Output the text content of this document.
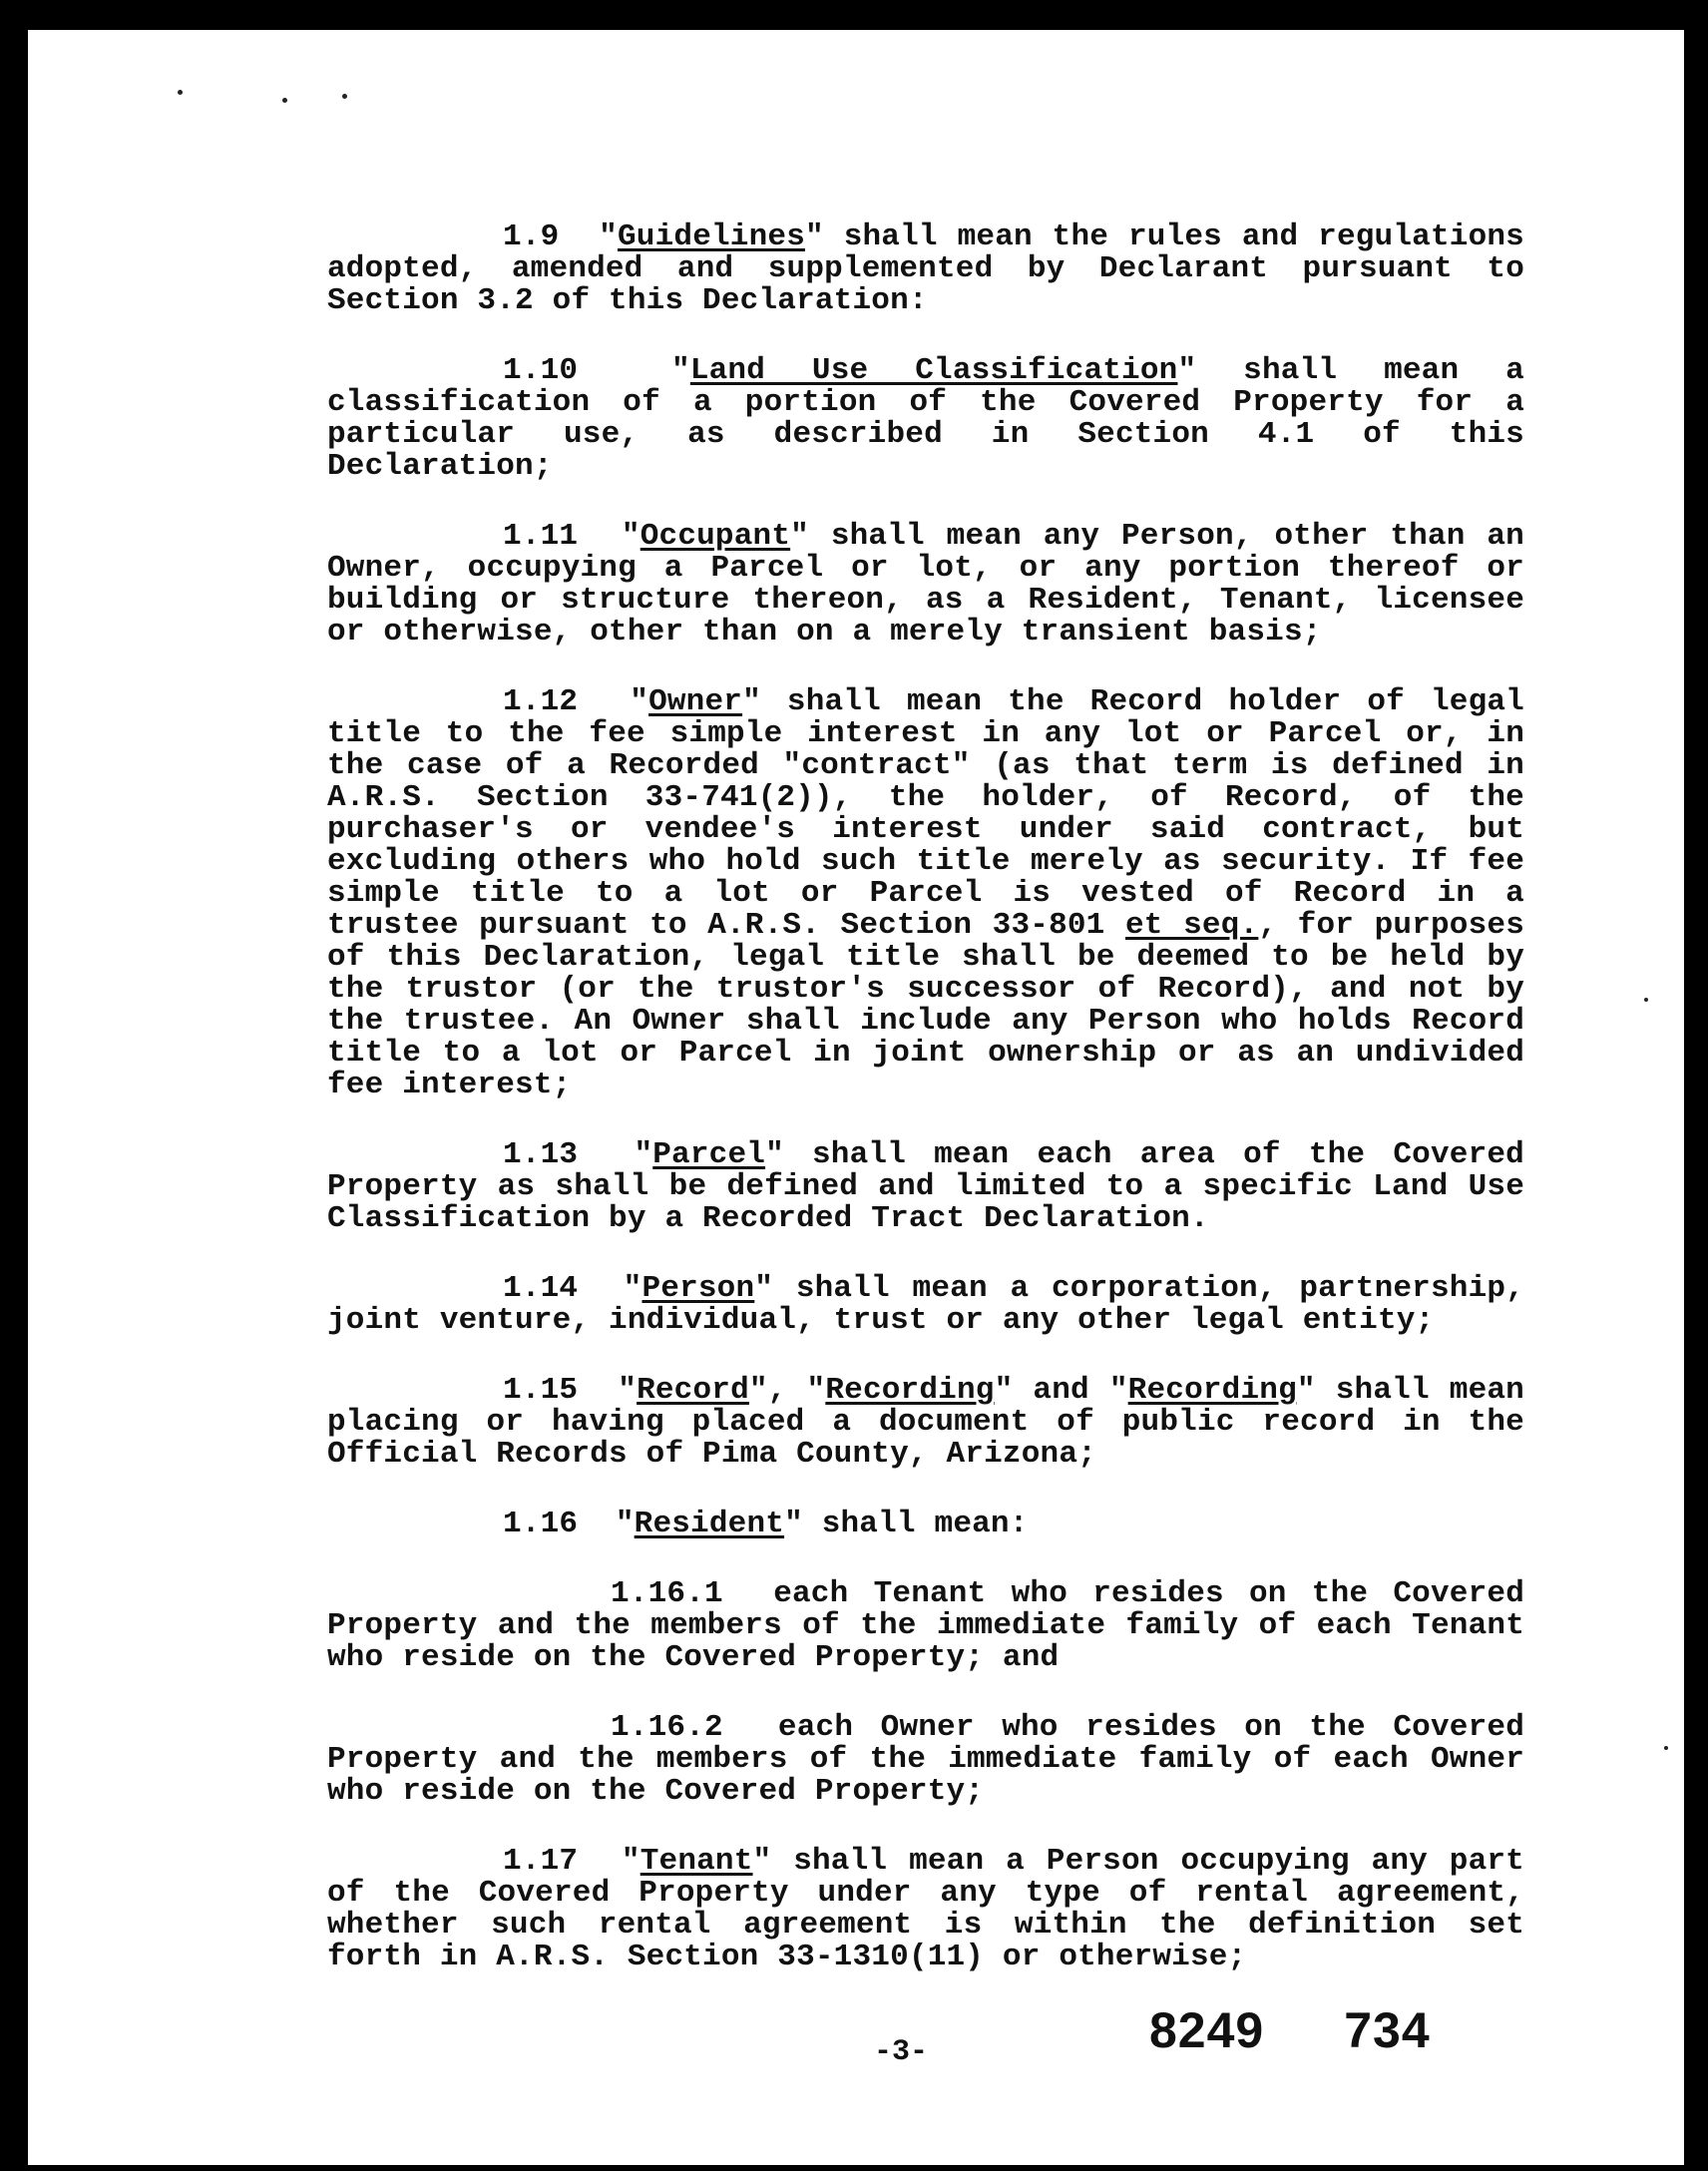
1.9  "Guidelines" shall mean the rules and regulations adopted, amended and supplemented by Declarant pursuant to Section 3.2 of this Declaration:

1.10  "Land Use Classification" shall mean a classification of a portion of the Covered Property for a particular use, as described in Section 4.1 of this Declaration;

1.11  "Occupant" shall mean any Person, other than an Owner, occupying a Parcel or lot, or any portion thereof or building or structure thereon, as a Resident, Tenant, licensee or otherwise, other than on a merely transient basis;

1.12  "Owner" shall mean the Record holder of legal title to the fee simple interest in any lot or Parcel or, in the case of a Recorded "contract" (as that term is defined in A.R.S. Section 33-741(2)), the holder, of Record, of the purchaser's or vendee's interest under said contract, but excluding others who hold such title merely as security. If fee simple title to a lot or Parcel is vested of Record in a trustee pursuant to A.R.S. Section 33-801 et seq., for purposes of this Declaration, legal title shall be deemed to be held by the trustor (or the trustor's successor of Record), and not by the trustee. An Owner shall include any Person who holds Record title to a lot or Parcel in joint ownership or as an undivided fee interest;

1.13  "Parcel" shall mean each area of the Covered Property as shall be defined and limited to a specific Land Use Classification by a Recorded Tract Declaration.

1.14  "Person" shall mean a corporation, partnership, joint venture, individual, trust or any other legal entity;

1.15  "Record", "Recording" and "Recording" shall mean placing or having placed a document of public record in the Official Records of Pima County, Arizona;

1.16  "Resident" shall mean:

1.16.1 each Tenant who resides on the Covered Property and the members of the immediate family of each Tenant who reside on the Covered Property; and

1.16.2 each Owner who resides on the Covered Property and the members of the immediate family of each Owner who reside on the Covered Property;

1.17  "Tenant" shall mean a Person occupying any part of the Covered Property under any type of rental agreement, whether such rental agreement is within the definition set forth in A.R.S. Section 33-1310(11) or otherwise;

-3-	8249 734
